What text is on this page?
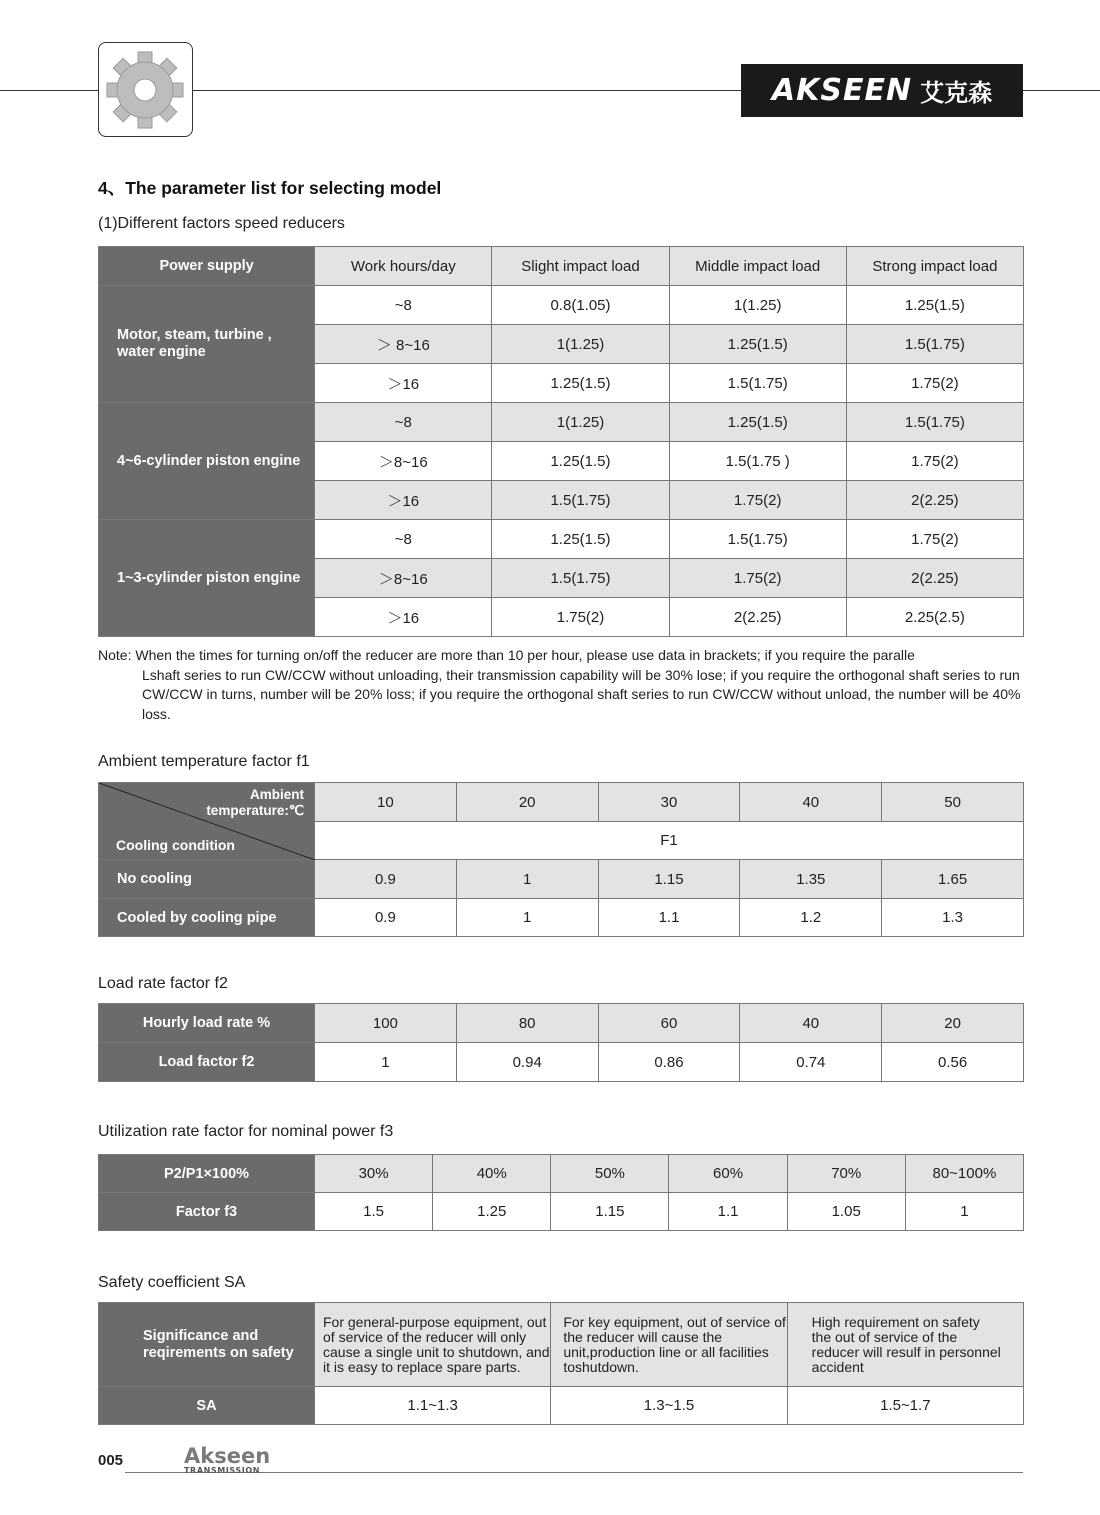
AKSEEN 艾克森
4、The parameter list for selecting model
(1)Different factors speed reducers
Power supply	Work hours/day	Slight impact load	Middle impact load	Strong impact load
Motor, steam, turbine , water engine	~8	0.8(1.05)	1(1.25)	1.25(1.5)
	＞ 8~16	1(1.25)	1.25(1.5)	1.5(1.75)
	＞16	1.25(1.5)	1.5(1.75)	1.75(2)
4~6-cylinder piston engine	~8	1(1.25)	1.25(1.5)	1.5(1.75)
	＞8~16	1.25(1.5)	1.5(1.75 )	1.75(2)
	＞16	1.5(1.75)	1.75(2)	2(2.25)
1~3-cylinder piston engine	~8	1.25(1.5)	1.5(1.75)	1.75(2)
	＞8~16	1.5(1.75)	1.75(2)	2(2.25)
	＞16	1.75(2)	2(2.25)	2.25(2.5)
Note: When the times for turning on/off the reducer are more than 10 per hour, please use data in brackets; if you require the paralle
Lshaft series to run CW/CCW without unloading, their transmission capability will be 30% lose; if you require the orthogonal shaft series to run CW/CCW in turns, number will be 20% loss; if you require the orthogonal shaft series to run CW/CCW without unload, the number will be 40% loss.
Ambient temperature factor f1
Ambient
temperature:℃
Cooling condition	10	20	30	40	50
	F1				
No cooling	0.9	1	1.15	1.35	1.65
Cooled by cooling pipe	0.9	1	1.1	1.2	1.3
Load rate factor f2
Hourly load rate %	100	80	60	40	20
Load factor f2	1	0.94	0.86	0.74	0.56
Utilization rate factor for nominal power f3
P2/P1×100%	30%	40%	50%	60%	70%	80~100%
Factor f3	1.5	1.25	1.15	1.1	1.05	1
Safety coefficient SA
Significance and reqirements on safety	For general-purpose equipment, out of service of the reducer will only cause a single unit to shutdown, and it is easy to replace spare parts.	For key equipment, out of service of the reducer will cause the unit,production line or all facilities toshutdown.	High requirement on safety the out of service of the reducer will resulf in personnel accident
SA	1.1~1.3	1.3~1.5	1.5~1.7
005	Akseen
TRANSMISSION
